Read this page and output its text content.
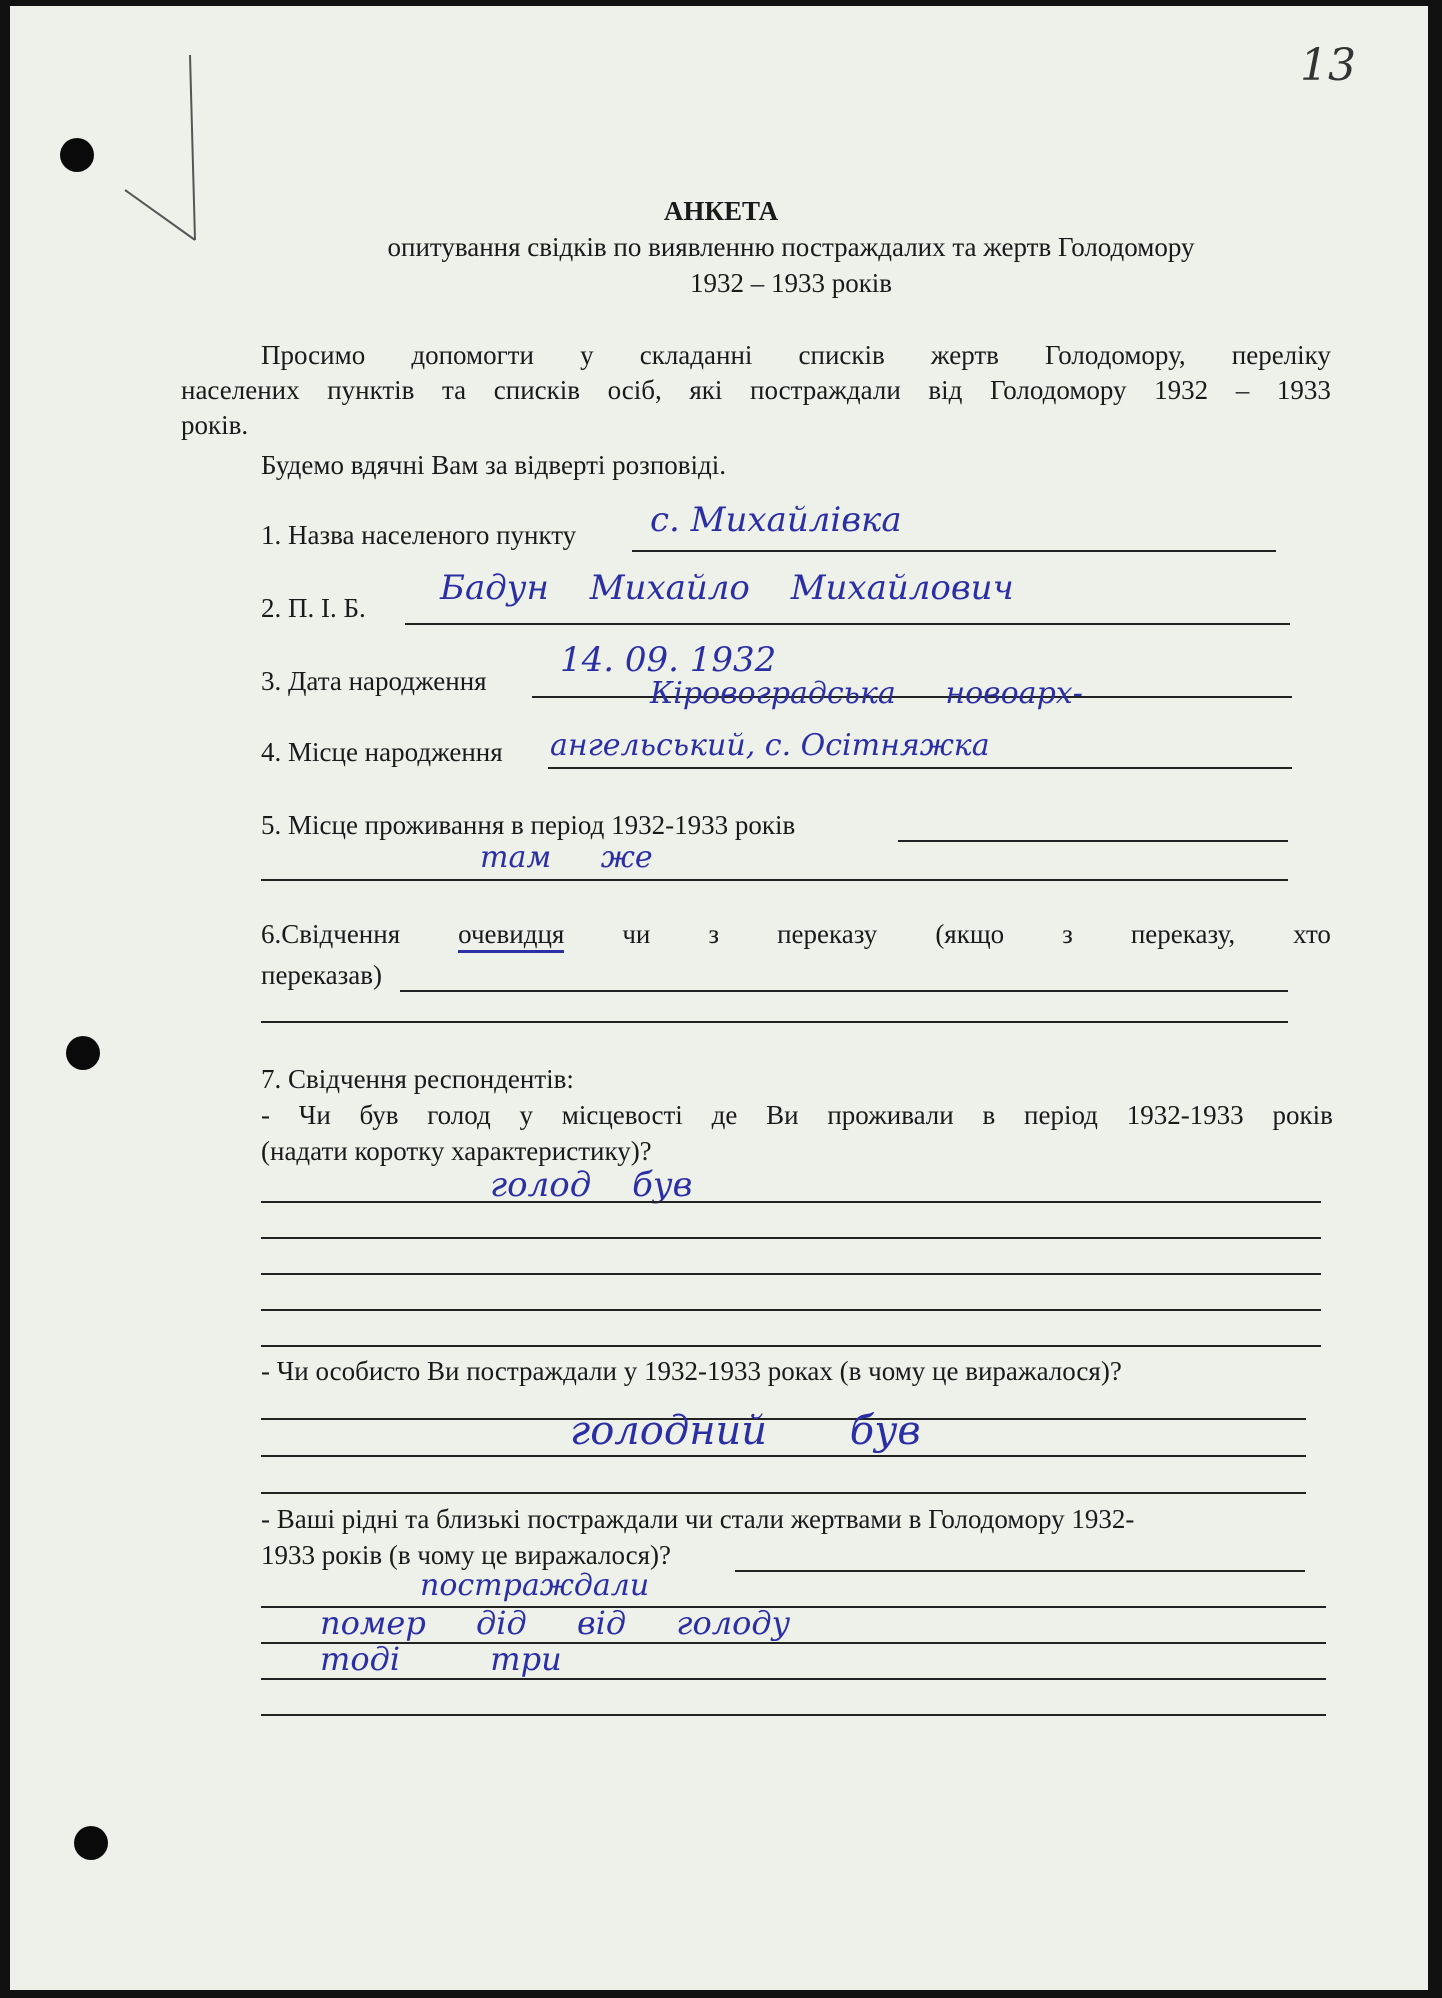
13
АНКЕТА
опитування свідків по виявленню постраждалих та жертв Голодомору
1932 – 1933 років
Просимо допомогти у складанні списків жертв Голодомору, переліку
населених пунктів та списків осіб, які постраждали від Голодомору 1932 – 1933
років.
Будемо вдячні Вам за відверті розповіді.
1. Назва населеного пункту с. Михайлівка
2. П. І. Б. Бадун Михайло Михайлович
3. Дата народження
14. 09. 1932
Кіровоградська новоарх-
4. Місце народження ангельський, с. Осітняжка
5. Місце проживання в період 1932-1933 років
там же
6.Свідчення очевидця чи з переказу (якщо з переказу, хто
переказав)
7. Свідчення респондентів:
- Чи був голод у місцевості де Ви проживали в період 1932-1933 років
(надати коротку характеристику)?
голод був
- Чи особисто Ви постраждали у 1932-1933 роках (в чому це виражалося)?
голодний був
- Ваші рідні та близькі постраждали чи стали жертвами в Голодомору 1932-
1933 років (в чому це виражалося)?
постраждали
помер дід від голоду
тоді три
